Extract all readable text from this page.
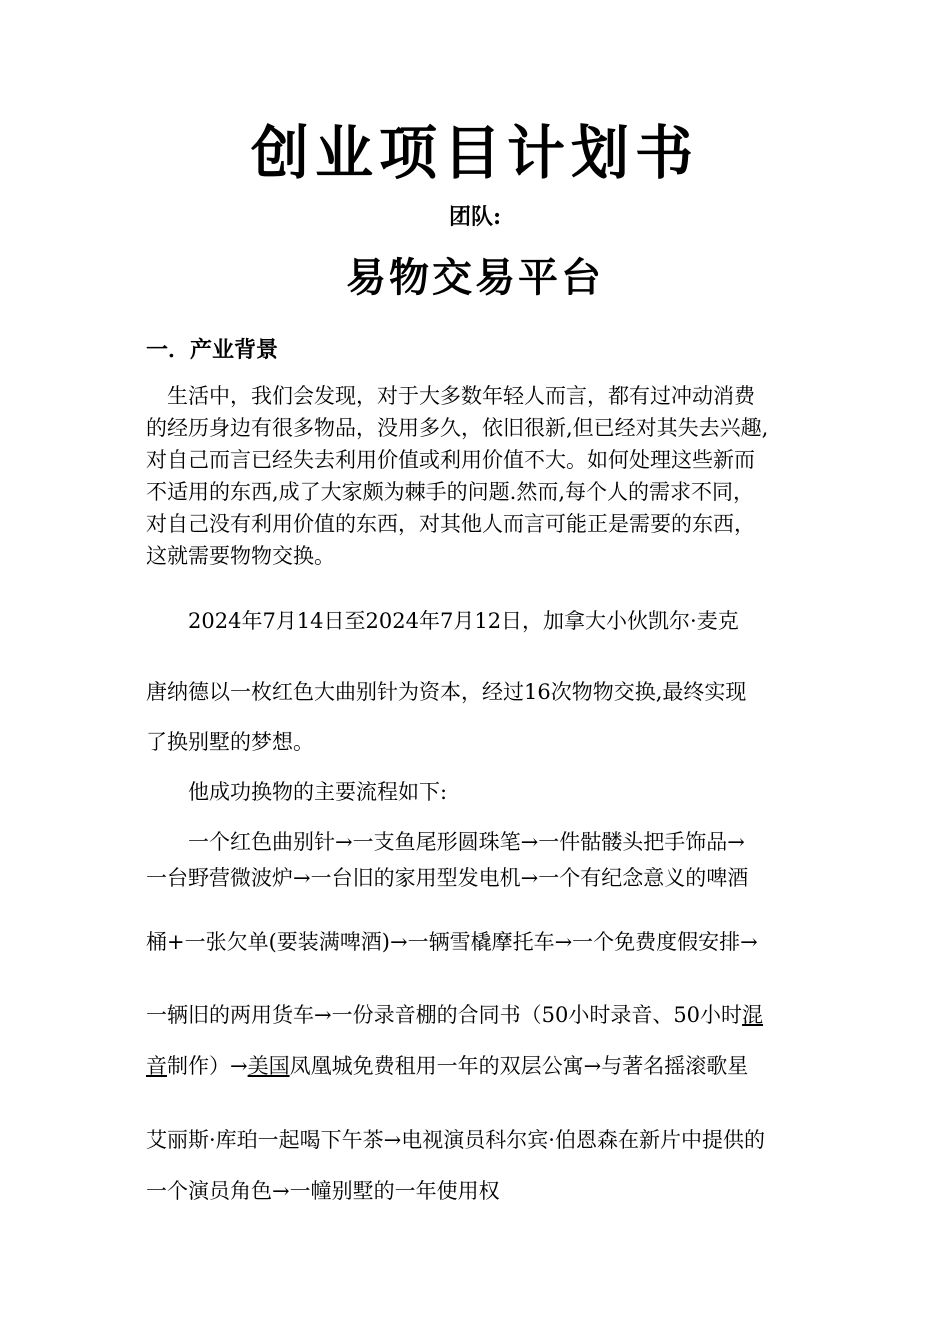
创业项目计划书
团队:
易物交易平台
一．产业背景
　生活中，我们会发现，对于大多数年轻人而言，都有过冲动消费
的经历身边有很多物品，没用多久，依旧很新,但已经对其失去兴趣,
对自己而言已经失去利用价值或利用价值不大。如何处理这些新而
不适用的东西,成了大家颇为棘手的问题.然而,每个人的需求不同，
对自己没有利用价值的东西，对其他人而言可能正是需要的东西，
这就需要物物交换。
　　2024年7月14日至2024年7月12日，加拿大小伙凯尔·麦克
唐纳德以一枚红色大曲别针为资本，经过16次物物交换,最终实现
了换别墅的梦想。
　　他成功换物的主要流程如下:
　　一个红色曲别针→一支鱼尾形圆珠笔→一件骷髅头把手饰品→
一台野营微波炉→一台旧的家用型发电机→一个有纪念意义的啤酒
桶+一张欠单(要装满啤酒)→一辆雪橇摩托车→一个免费度假安排→
一辆旧的两用货车→一份录音棚的合同书（50小时录音、50小时混
音制作）→美国凤凰城免费租用一年的双层公寓→与著名摇滚歌星
艾丽斯·库珀一起喝下午茶→电视演员科尔宾·伯恩森在新片中提供的
一个演员角色→一幢别墅的一年使用权
